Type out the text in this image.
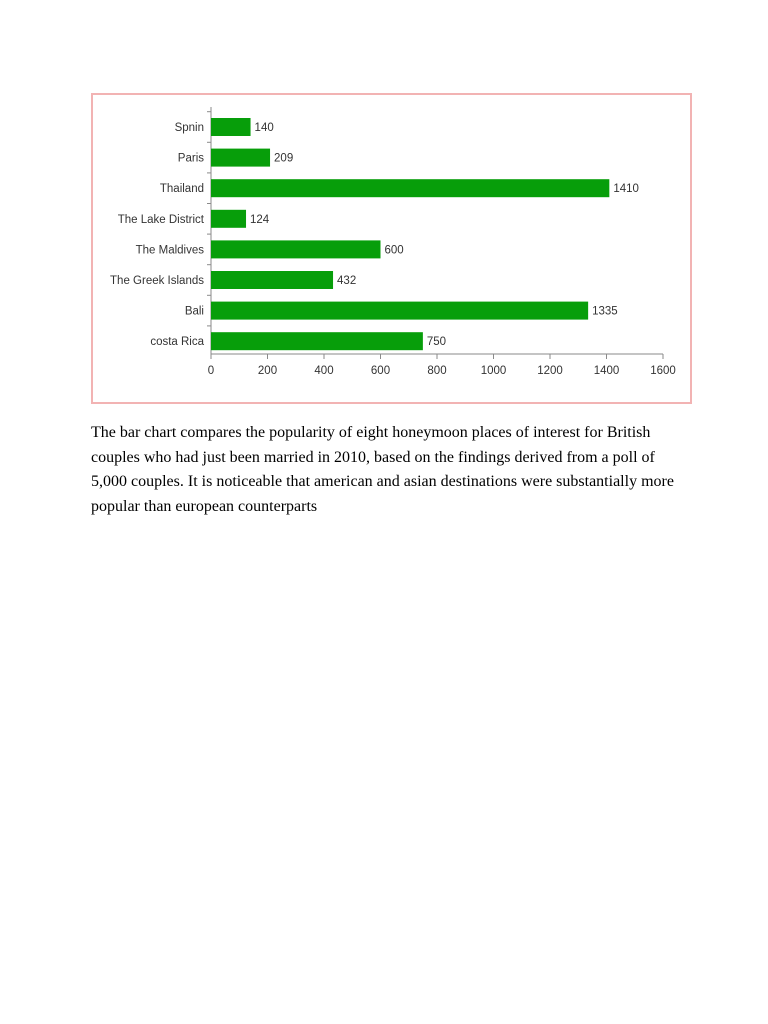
Spnin	140
Paris	209
Thailand	1410
The Lake District	124
The Maldives	600
The Greek Islands	432
Bali	1335
costa Rica	750
0	200	400	600	800	1000	1200	1400	1600

The bar chart compares the popularity of eight honeymoon places of interest for British couples who had just been married in 2010, based on the findings derived from a poll of 5,000 couples. It is noticeable that american and asian destinations were substantially more popular than european counterparts
